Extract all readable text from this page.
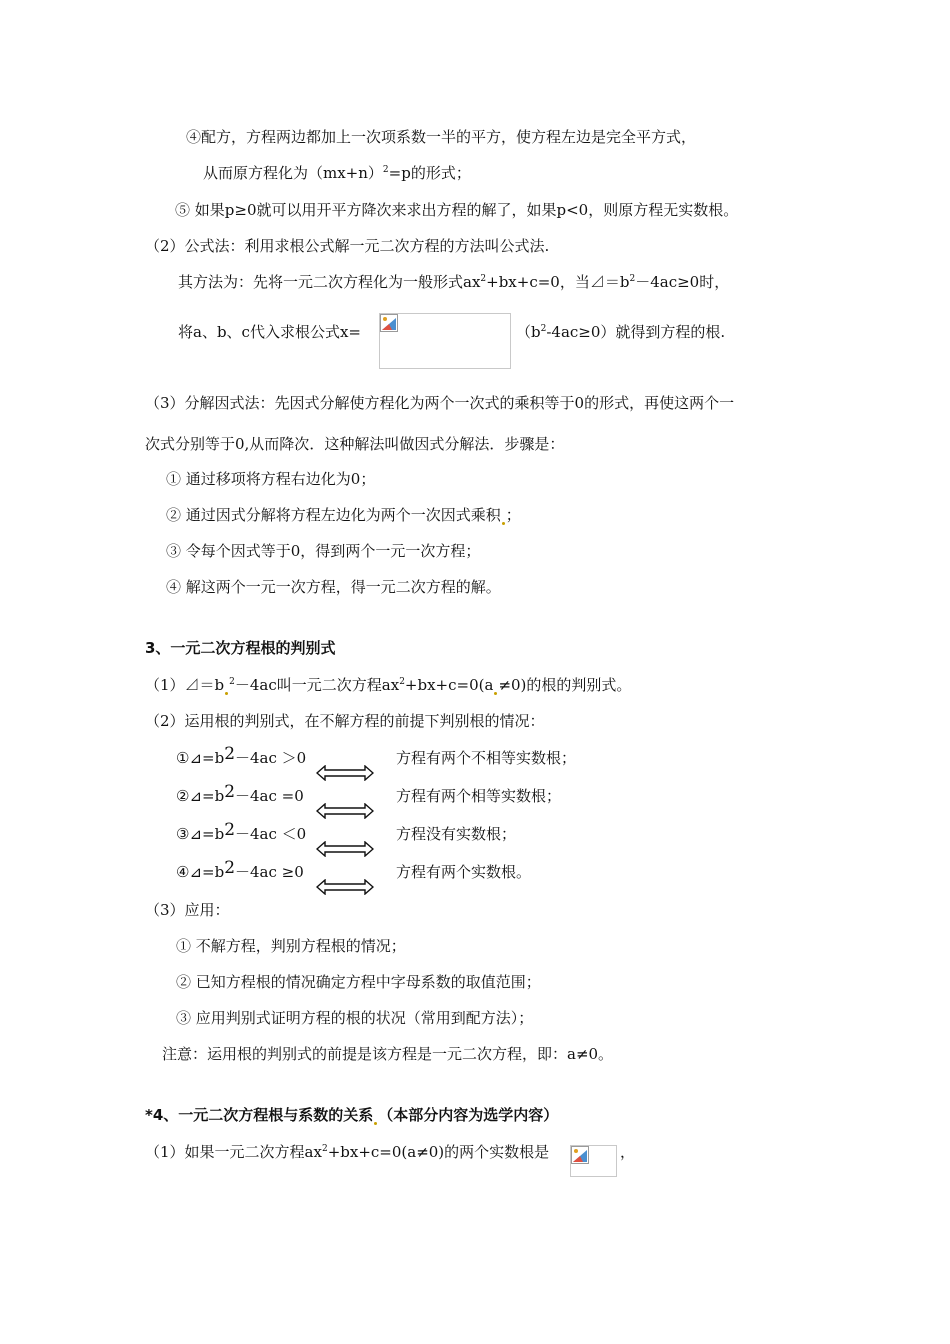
④配方，方程两边都加上一次项系数一半的平方，使方程左边是完全平方式，
从而原方程化为$(mx+n)^2=p$的形式；
⑤ 如果p≥0就可以用开平方降次来求出方程的解了，如果p<0，则原方程无实数根。
（2）公式法：利用求根公式解一元二次方程的方法叫公式法.
其方法为：先将一元二次方程化为一般形式$ax^2+bx+c=0$，当$⊿=b^2-4ac\ge 0$时，
将a、b、c代入求根公式x=	$(b^2-4ac\ge 0)$就得到方程的根.
（3）分解因式法：先因式分解使方程化为两个一次式的乘积等于0的形式，再使这两个一
次式分别等于0,从而降次．这种解法叫做因式分解法．步骤是：
① 通过移项将方程右边化为0；
② 通过因式分解将方程左边化为两个一次因式乘积 ；
③ 令每个因式等于0，得到两个一元一次方程；
④ 解这两个一元一次方程，得一元二次方程的解。
3、一元二次方程根的判别式
（1）⊿＝b $^2$－4ac叫一元二次方程$ax^2+bx+c=0(a \ne 0)$的根的判别式。
（2）运用根的判别式，在不解方程的前提下判别根的情况：
①⊿=b2－4ac ＞0	方程有两个不相等实数根；
②⊿=b2－4ac =0	方程有两个相等实数根；
③⊿=b2－4ac ＜0	方程没有实数根；
④⊿=b2－4ac ≥0	方程有两个实数根。
（3）应用：
① 不解方程，判别方程根的情况；
② 已知方程根的情况确定方程中字母系数的取值范围；
③ 应用判别式证明方程的根的状况（常用到配方法）；
注意：运用根的判别式的前提是该方程是一元二次方程，即：a≠0。
*4、一元二次方程根与系数的关系 （本部分内容为选学内容）
（1）如果一元二次方程$ax^2+bx+c=0(a\ne 0)$的两个实数根是	，
